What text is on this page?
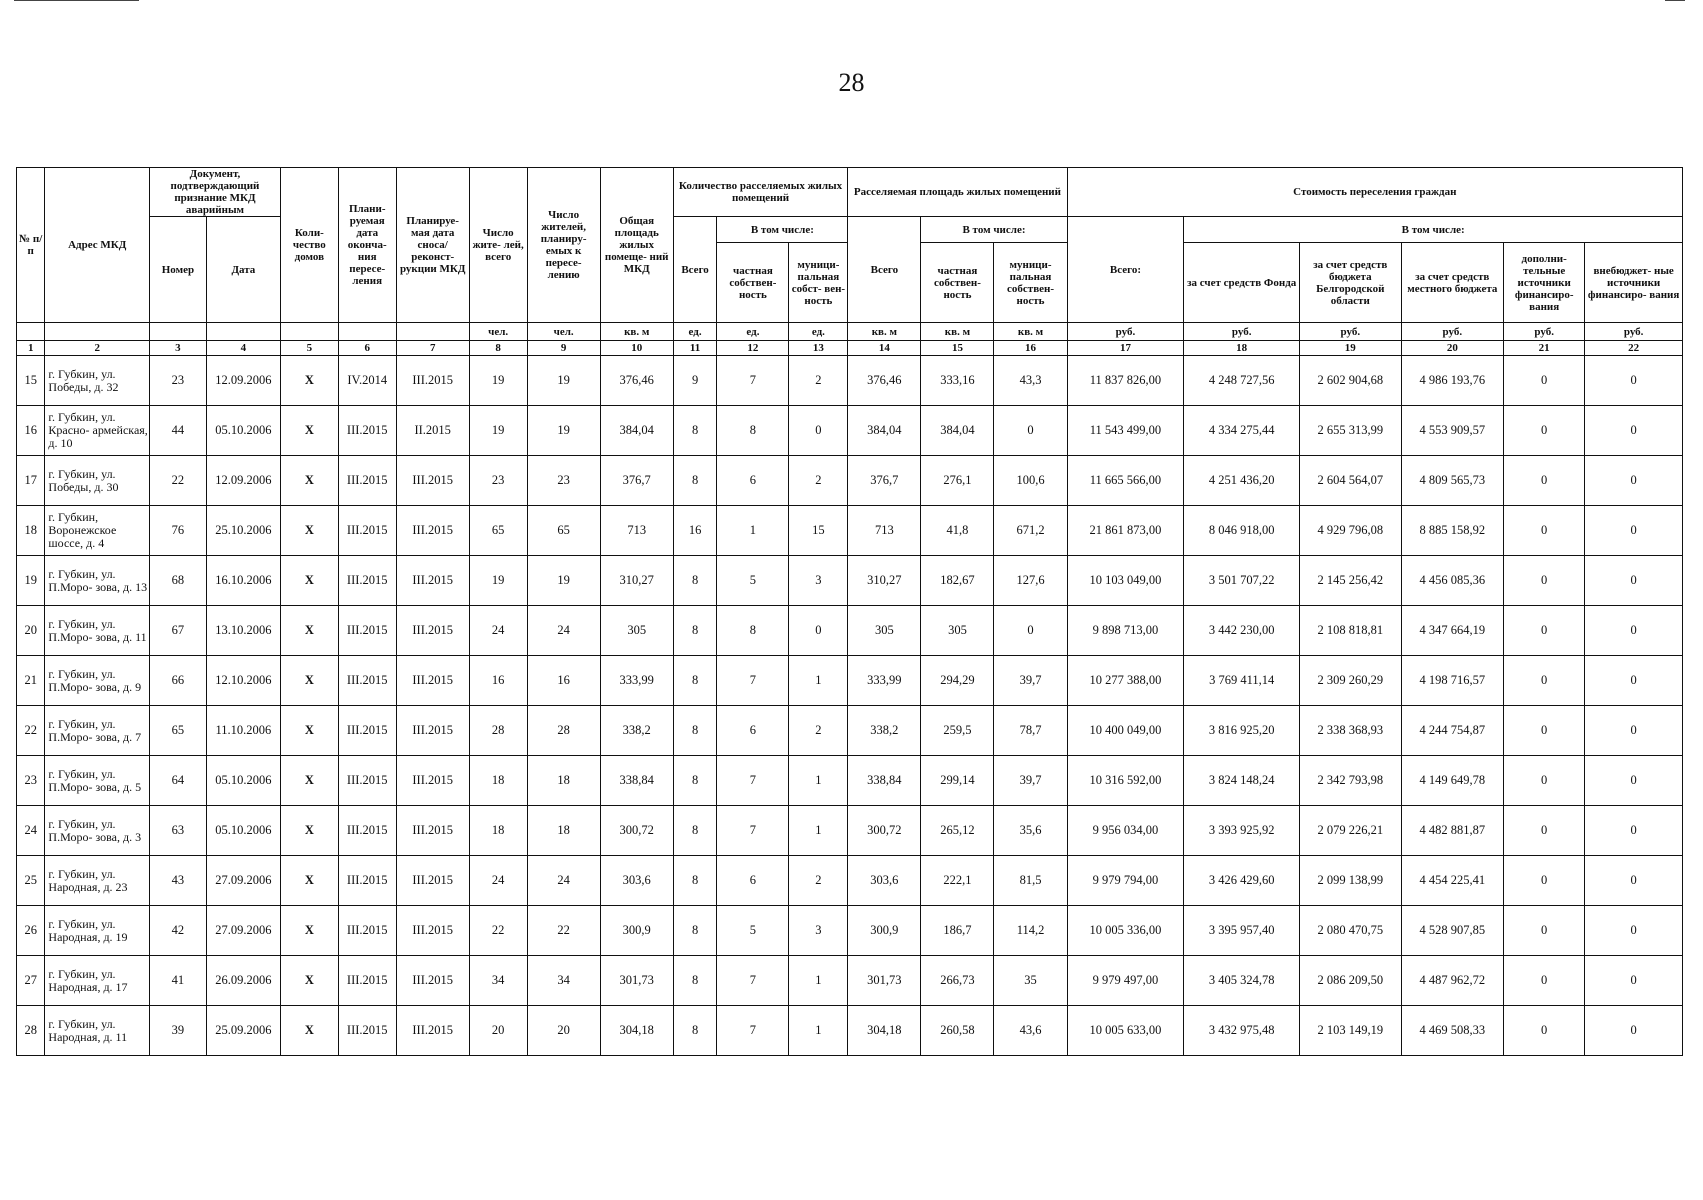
28
№ п/п	Адрес МКД	Документ, подтверждающий признание МКД аварийным		Коли- чество домов	Плани- руемая дата оконча- ния пересе- ления	Планируе- мая дата сноса/ реконст- рукции МКД	Число жите- лей, всего	Число жителей, планиру- емых к пересе- лению	Общая площадь жилых помеще- ний МКД	Количество расселяемых жилых помещений			Расселяемая площадь жилых помещений			Стоимость переселения граждан					
		Номер	Дата							Всего	В том числе:		Всего	В том числе:		Всего:	В том числе:				
											частная собствен- ность	муници- пальная собст- вен- ность		частная собствен- ность	муници- пальная собствен- ность		за счет средств Фонда	за счет средств бюджета Белгородской области	за счет средств местного бюджета	дополни- тельные источники финансиро- вания	внебюджет- ные источники финансиро- вания
							чел.	чел.	кв. м	ед.	ед.	ед.	кв. м	кв. м	кв. м	руб.	руб.	руб.	руб.	руб.	руб.
1	2	3	4	5	6	7	8	9	10	11	12	13	14	15	16	17	18	19	20	21	22
15	г. Губкин, ул. Победы, д. 32	23	12.09.2006	Х	IV.2014	III.2015	19	19	376,46	9	7	2	376,46	333,16	43,3	11 837 826,00	4 248 727,56	2 602 904,68	4 986 193,76	0	0
16	г. Губкин, ул. Красно- армейская, д. 10	44	05.10.2006	Х	III.2015	II.2015	19	19	384,04	8	8	0	384,04	384,04	0	11 543 499,00	4 334 275,44	2 655 313,99	4 553 909,57	0	0
17	г. Губкин, ул. Победы, д. 30	22	12.09.2006	Х	III.2015	III.2015	23	23	376,7	8	6	2	376,7	276,1	100,6	11 665 566,00	4 251 436,20	2 604 564,07	4 809 565,73	0	0
18	г. Губкин, Воронежское шоссе, д. 4	76	25.10.2006	Х	III.2015	III.2015	65	65	713	16	1	15	713	41,8	671,2	21 861 873,00	8 046 918,00	4 929 796,08	8 885 158,92	0	0
19	г. Губкин, ул. П.Моро- зова, д. 13	68	16.10.2006	Х	III.2015	III.2015	19	19	310,27	8	5	3	310,27	182,67	127,6	10 103 049,00	3 501 707,22	2 145 256,42	4 456 085,36	0	0
20	г. Губкин, ул. П.Моро- зова, д. 11	67	13.10.2006	Х	III.2015	III.2015	24	24	305	8	8	0	305	305	0	9 898 713,00	3 442 230,00	2 108 818,81	4 347 664,19	0	0
21	г. Губкин, ул. П.Моро- зова, д. 9	66	12.10.2006	Х	III.2015	III.2015	16	16	333,99	8	7	1	333,99	294,29	39,7	10 277 388,00	3 769 411,14	2 309 260,29	4 198 716,57	0	0
22	г. Губкин, ул. П.Моро- зова, д. 7	65	11.10.2006	Х	III.2015	III.2015	28	28	338,2	8	6	2	338,2	259,5	78,7	10 400 049,00	3 816 925,20	2 338 368,93	4 244 754,87	0	0
23	г. Губкин, ул. П.Моро- зова, д. 5	64	05.10.2006	Х	III.2015	III.2015	18	18	338,84	8	7	1	338,84	299,14	39,7	10 316 592,00	3 824 148,24	2 342 793,98	4 149 649,78	0	0
24	г. Губкин, ул. П.Моро- зова, д. 3	63	05.10.2006	Х	III.2015	III.2015	18	18	300,72	8	7	1	300,72	265,12	35,6	9 956 034,00	3 393 925,92	2 079 226,21	4 482 881,87	0	0
25	г. Губкин, ул. Народная, д. 23	43	27.09.2006	Х	III.2015	III.2015	24	24	303,6	8	6	2	303,6	222,1	81,5	9 979 794,00	3 426 429,60	2 099 138,99	4 454 225,41	0	0
26	г. Губкин, ул. Народная, д. 19	42	27.09.2006	Х	III.2015	III.2015	22	22	300,9	8	5	3	300,9	186,7	114,2	10 005 336,00	3 395 957,40	2 080 470,75	4 528 907,85	0	0
27	г. Губкин, ул. Народная, д. 17	41	26.09.2006	Х	III.2015	III.2015	34	34	301,73	8	7	1	301,73	266,73	35	9 979 497,00	3 405 324,78	2 086 209,50	4 487 962,72	0	0
28	г. Губкин, ул. Народная, д. 11	39	25.09.2006	Х	III.2015	III.2015	20	20	304,18	8	7	1	304,18	260,58	43,6	10 005 633,00	3 432 975,48	2 103 149,19	4 469 508,33	0	0
